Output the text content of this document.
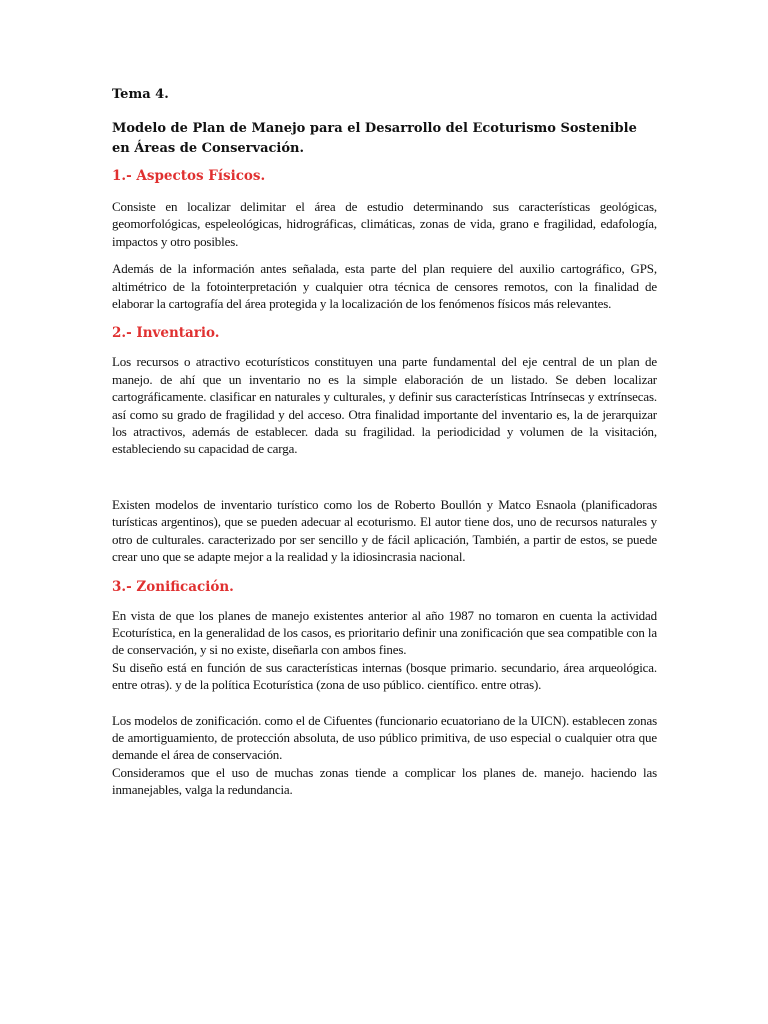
Tema 4.
Modelo de Plan de Manejo para el Desarrollo del Ecoturismo Sostenible en Áreas de Conservación.
1.- Aspectos Físicos.

Consiste en localizar delimitar el área de estudio determinando sus características geológicas, geomorfológicas, espeleológicas, hidrográficas, climáticas, zonas de vida, grano e fragilidad, edafología, impactos y otro posibles.

Además de la información antes señalada, esta parte del plan requiere del auxilio cartográfico, GPS, altimétrico de la fotointerpretación y cualquier otra técnica de censores remotos, con la finalidad de elaborar la cartografía del área protegida y la localización de los fenómenos físicos más relevantes.

2.- Inventario.

Los recursos o atractivo ecoturísticos constituyen una parte fundamental del eje central de un plan de manejo. de ahí que un inventario no es la simple elaboración de un listado. Se deben localizar cartográficamente. clasificar en naturales y culturales, y definir sus características Intrínsecas y extrínsecas. así como su grado de fragilidad y del acceso. Otra finalidad importante del inventario es, la de jerarquizar los atractivos, además de establecer. dada su fragilidad. la periodicidad y volumen de la visitación, estableciendo su capacidad de carga.

Existen modelos de inventario turístico como los de Roberto Boullón y Matco Esnaola (planificadoras turísticas argentinos), que se pueden adecuar al ecoturismo. El autor tiene dos, uno de recursos naturales y otro de culturales. caracterizado por ser sencillo y de fácil aplicación, También, a partir de estos, se puede crear uno que se adapte mejor a la realidad y la idiosincrasia nacional.

3.- Zonificación.

En vista de que los planes de manejo existentes anterior al año 1987 no tomaron en cuenta la actividad Ecoturística, en la generalidad de los casos, es prioritario definir una zonificación que sea compatible con la de conservación, y si no existe, diseñarla con ambos fines.

Su diseño está en función de sus características internas (bosque primario. secundario, área arqueológica. entre otras). y de la política Ecoturística (zona de uso público. científico. entre otras).

Los modelos de zonificación. como el de Cifuentes (funcionario ecuatoriano de la UICN). establecen zonas de amortiguamiento, de protección absoluta, de uso público primitiva, de uso especial o cualquier otra que demande el área de conservación.

Consideramos que el uso de muchas zonas tiende a complicar los planes de. manejo. haciendo las inmanejables, valga la redundancia.
